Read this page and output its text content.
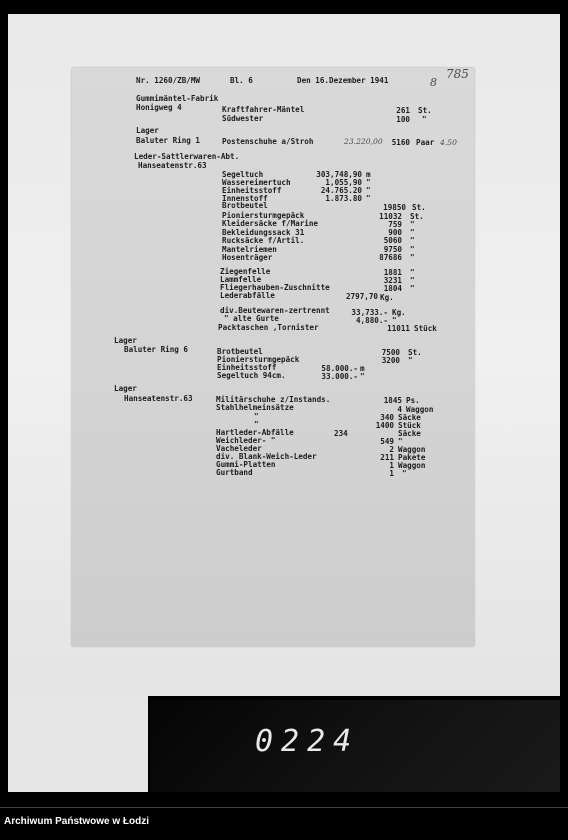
Nr. 1260/ZB/MW	Bl. 6	Den 16.Dezember 1941	8
785
Gummimäntel-Fabrik
Honigweg 4	Kraftfahrer-Mäntel	261 St.
Südwester	100 "
Lager
Baluter Ring 1	Postenschuhe a/Stroh	23.220,00	5160 Paar 4.50
Leder-Sattlerwaren-Abt.
Hanseatenstr.63
Segeltuch	303,748,90 m
Wassereimertuch	1,055,90 "
Einheitsstoff	24.765.20 "
Innenstoff	1.873.80 "
Brotbeutel	19850 St.
Pioniersturmgepäck	11032 St.
Kleidersäcke f/Marine	759 "
Bekleidungssack 31	900 "
Rucksäcke f/Artil.	5060 "
Mantelriemen	9750 "
Hosenträger	87686 "
Ziegenfelle	1881 "
Lammfelle	3231 "
Fliegerhauben-Zuschnitte	1804 "
Lederabfälle	2797,70 Kg.
div.Beutewaren-zertrennt	33,733.- Kg.
" alte Gurte	4,880.- "
Packtaschen ,Tornister	11011 Stück
Lager
Baluter Ring 6	Brotbeutel	7500 St.
Pioniersturmgepäck	3200 "
Einheitsstoff	58.000.- m
Segeltuch 94cm.	33.000.- "
Lager
Hanseatenstr.63	Militärschuhe z/Instands.	1845 Ps.
Stahlhelmeinsätze	4 Waggon
"	340 Säcke
"	1400 Stück
Hartleder-Abfälle	234	Säcke
Weichleder- "	549 "
Vacheleder	2 Waggon
div. Blank-Weich-Leder	211 Pakete
Gummi-Platten	1 Waggon
Gurtband	1 "
0224
Archiwum Państwowe w Łodzi
